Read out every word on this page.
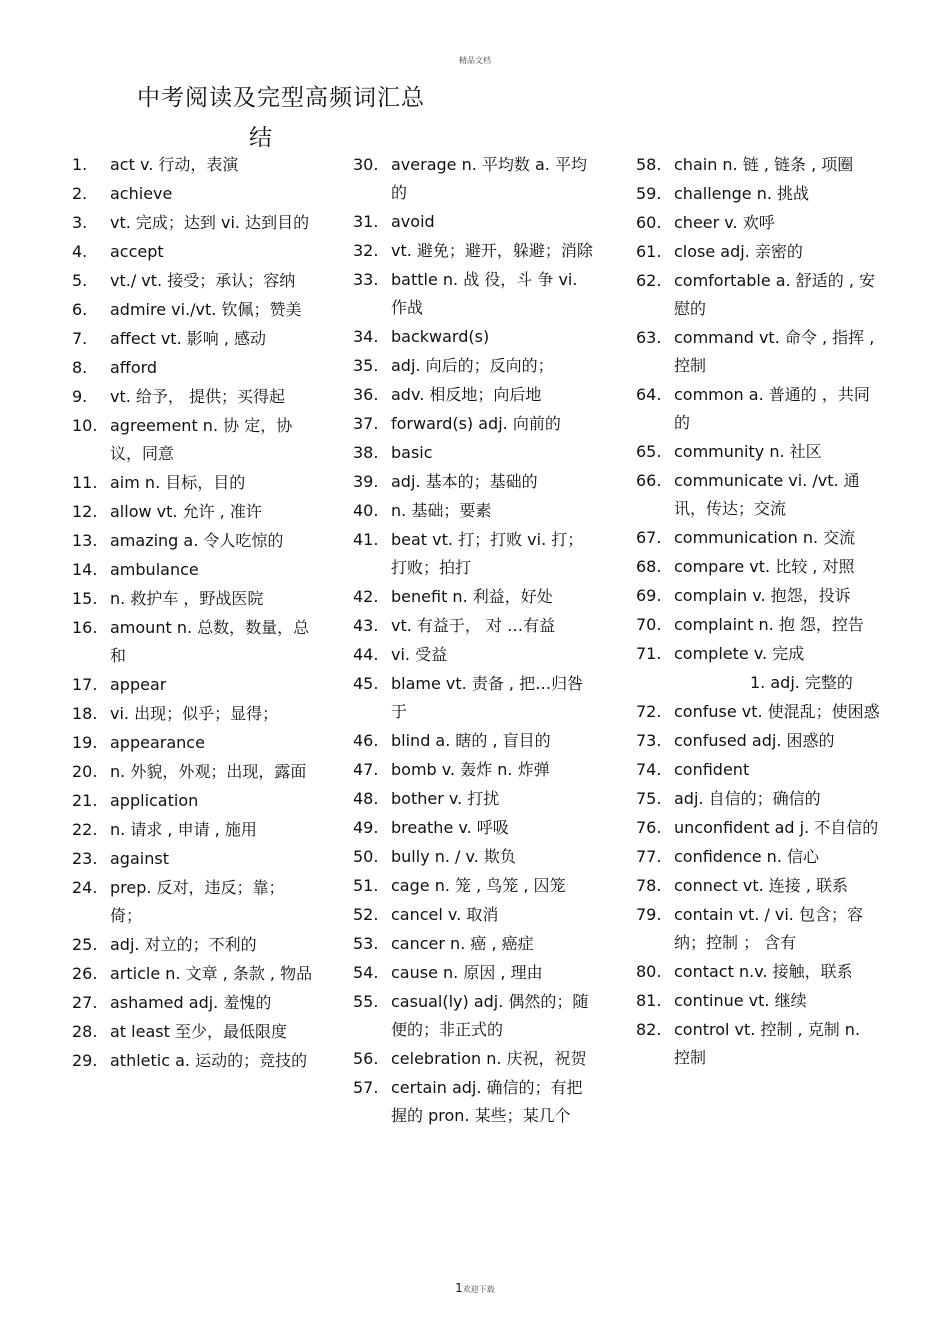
精品文档
中考阅读及完型高频词汇总
结
1.	act v. 行动，表演
2.	achieve
3.	vt. 完成；达到 vi. 达到目的
4.	accept
5.	vt./ vt. 接受；承认；容纳
6.	admire vi./vt. 钦佩；赞美
7.	affect vt. 影响 , 感动
8.	afford
9.	vt. 给予， 提供；买得起
10. agreement n. 协 定，协议，同意
11. aim n. 目标，目的
12. allow vt. 允许 , 准许
13. amazing a. 令人吃惊的
14. ambulance
15. n. 救护车 ，野战医院
16. amount n. 总数，数量，总和
17. appear
18. vi. 出现；似乎；显得；
19. appearance
20. n. 外貌，外观；出现，露面
21. application
22. n. 请求 , 申请 , 施用
23. against
24. prep. 反对，违反；靠；倚；
25. adj. 对立的；不利的
26. article n. 文章 , 条款 , 物品
27. ashamed adj. 羞愧的
28. at least 至少，最低限度
29. athletic a. 运动的；竞技的
30. average n. 平均数 a. 平均的
31. avoid
32. vt. 避免；避开，躲避；消除
33. battle n. 战 役，斗 争 vi. 作战
34. backward(s)
35. adj. 向后的；反向的；
36. adv. 相反地；向后地
37. forward(s) adj. 向前的
38. basic
39. adj. 基本的；基础的
40. n. 基础；要素
41. beat vt. 打；打败 vi. 打；打败；拍打
42. benefit n. 利益，好处
43. vt. 有益于， 对 …有益
44. vi. 受益
45. blame vt. 责备 , 把…归咎于
46. blind a. 瞎的 , 盲目的
47. bomb v. 轰炸 n. 炸弹
48. bother v. 打扰
49. breathe v. 呼吸
50. bully n. / v. 欺负
51. cage n. 笼 , 鸟笼 , 囚笼
52. cancel v. 取消
53. cancer n. 癌 , 癌症
54. cause n. 原因 , 理由
55. casual(ly) adj. 偶然的；随便的；非正式的
56. celebration n. 庆祝，祝贺
57. certain adj. 确信的；有把握的 pron. 某些；某几个
58. chain n. 链 , 链条 , 项圈
59. challenge n. 挑战
60. cheer v. 欢呼
61. close adj. 亲密的
62. comfortable a. 舒适的 , 安慰的
63. command vt. 命令 , 指挥 , 控制
64. common a. 普通的 ，共同的
65. community n. 社区
66. communicate vi. /vt. 通讯，传达；交流
67. communication n. 交流
68. compare vt. 比较 , 对照
69. complain v. 抱怨，投诉
70. complaint n. 抱 怨，控告
71. complete v. 完成
1. adj. 完整的
72. confuse vt. 使混乱；使困惑
73. confused adj. 困惑的
74. confident
75. adj. 自信的；确信的
76. unconfident ad j. 不自信的
77. confidence n. 信心
78. connect vt. 连接 , 联系
79. contain vt. / vi. 包含；容纳；控制 ； 含有
80. contact n.v. 接触，联系
81. continue vt. 继续
82. control vt. 控制 , 克制 n. 控制
1欢迎下载
